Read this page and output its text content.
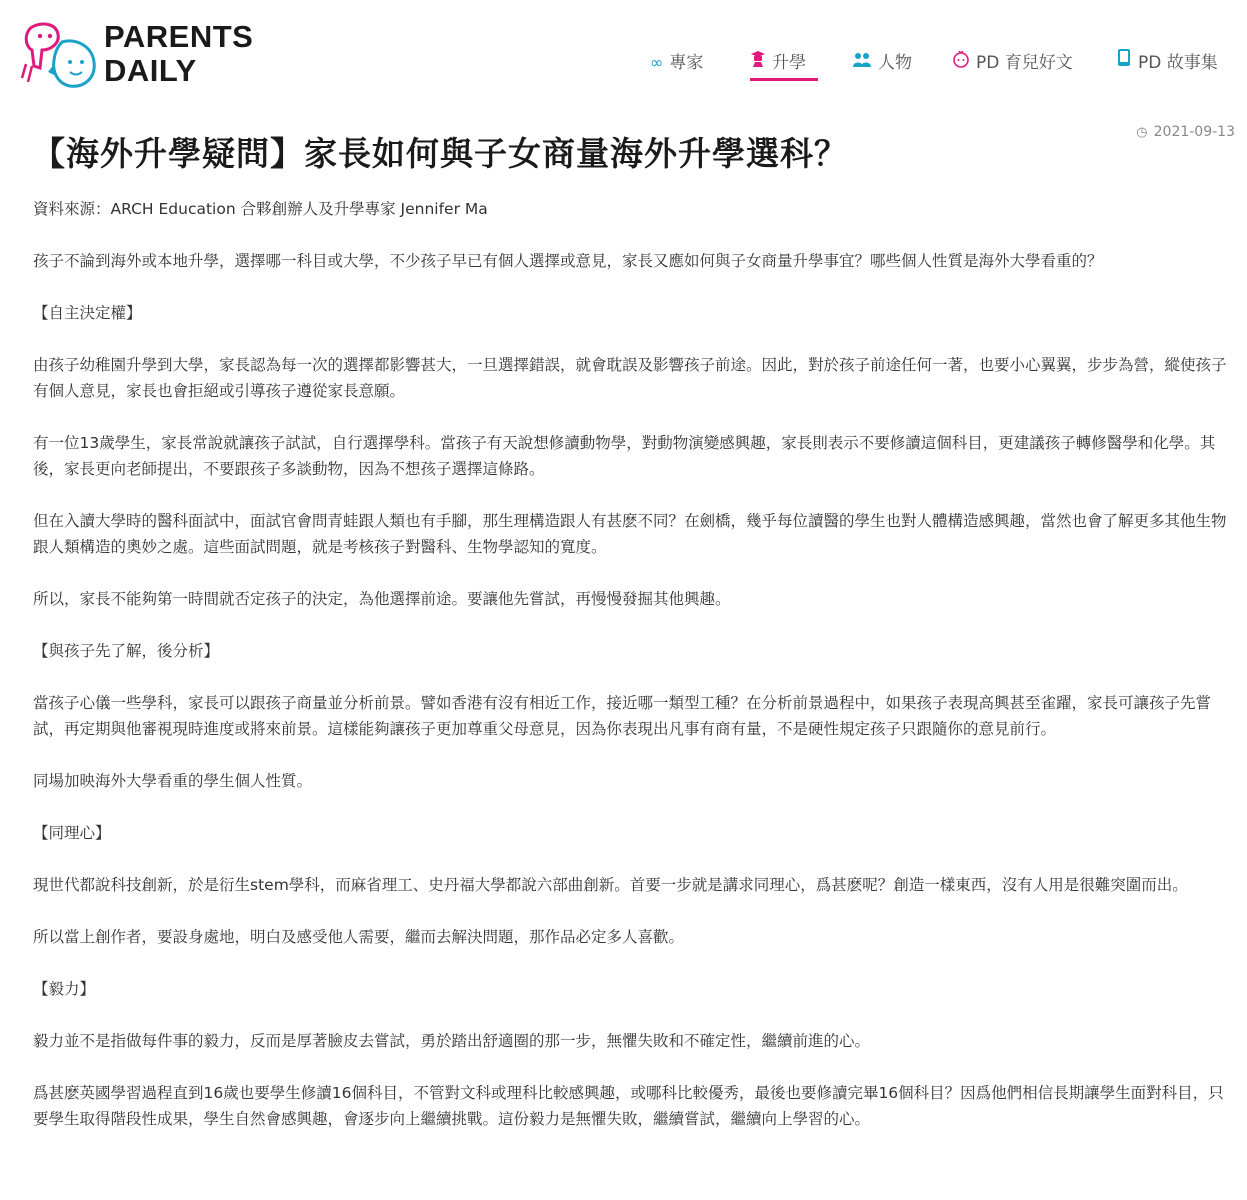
PARENTS
DAILY	∞ 專家	升學	人物	PD 育兒好文	PD 故事集
◷ 2021-09-13
【海外升學疑問】家長如何與子女商量海外升學選科？

資料來源：ARCH Education 合夥創辦人及升學專家 Jennifer Ma

孩子不論到海外或本地升學，選擇哪一科目或大學，不少孩子早已有個人選擇或意見，家長又應如何與子女商量升學事宜？哪些個人性質是海外大學看重的？

【自主決定權】

由孩子幼稚園升學到大學，家長認為每一次的選擇都影響甚大，一旦選擇錯誤，就會耽誤及影響孩子前途。因此，對於孩子前途任何一著，也要小心翼翼，步步為營，縱使孩子有個人意見，家長也會拒絕或引導孩子遵從家長意願。

有一位13歲學生，家長常說就讓孩子試試，自行選擇學科。當孩子有天說想修讀動物學，對動物演變感興趣，家長則表示不要修讀這個科目，更建議孩子轉修醫學和化學。其後，家長更向老師提出，不要跟孩子多談動物，因為不想孩子選擇這條路。

但在入讀大學時的醫科面試中，面試官會問青蛙跟人類也有手腳，那生理構造跟人有甚麽不同？在劍橋，幾乎每位讀醫的學生也對人體構造感興趣，當然也會了解更多其他生物跟人類構造的奧妙之處。這些面試問題，就是考核孩子對醫科、生物學認知的寬度。

所以，家長不能夠第一時間就否定孩子的決定，為他選擇前途。要讓他先嘗試，再慢慢發掘其他興趣。

【與孩子先了解，後分析】

當孩子心儀一些學科，家長可以跟孩子商量並分析前景。譬如香港有沒有相近工作，接近哪一類型工種？在分析前景過程中，如果孩子表現高興甚至雀躍，家長可讓孩子先嘗試，再定期與他審視現時進度或將來前景。這樣能夠讓孩子更加尊重父母意見，因為你表現出凡事有商有量，不是硬性規定孩子只跟隨你的意見前行。

同場加映海外大學看重的學生個人性質。

【同理心】

現世代都說科技創新，於是衍生stem學科，而麻省理工、史丹福大學都說六部曲創新。首要一步就是講求同理心，爲甚麽呢？創造一樣東西，沒有人用是很難突圍而出。

所以當上創作者，要設身處地，明白及感受他人需要，繼而去解決問題，那作品必定多人喜歡。

【毅力】

毅力並不是指做每件事的毅力，反而是厚著臉皮去嘗試，勇於踏出舒適圈的那一步，無懼失敗和不確定性，繼續前進的心。

爲甚麽英國學習過程直到16歲也要學生修讀16個科目，不管對文科或理科比較感興趣，或哪科比較優秀，最後也要修讀完畢16個科目？因爲他們相信長期讓學生面對科目，只要學生取得階段性成果，學生自然會感興趣，會逐步向上繼續挑戰。這份毅力是無懼失敗，繼續嘗試，繼續向上學習的心。
